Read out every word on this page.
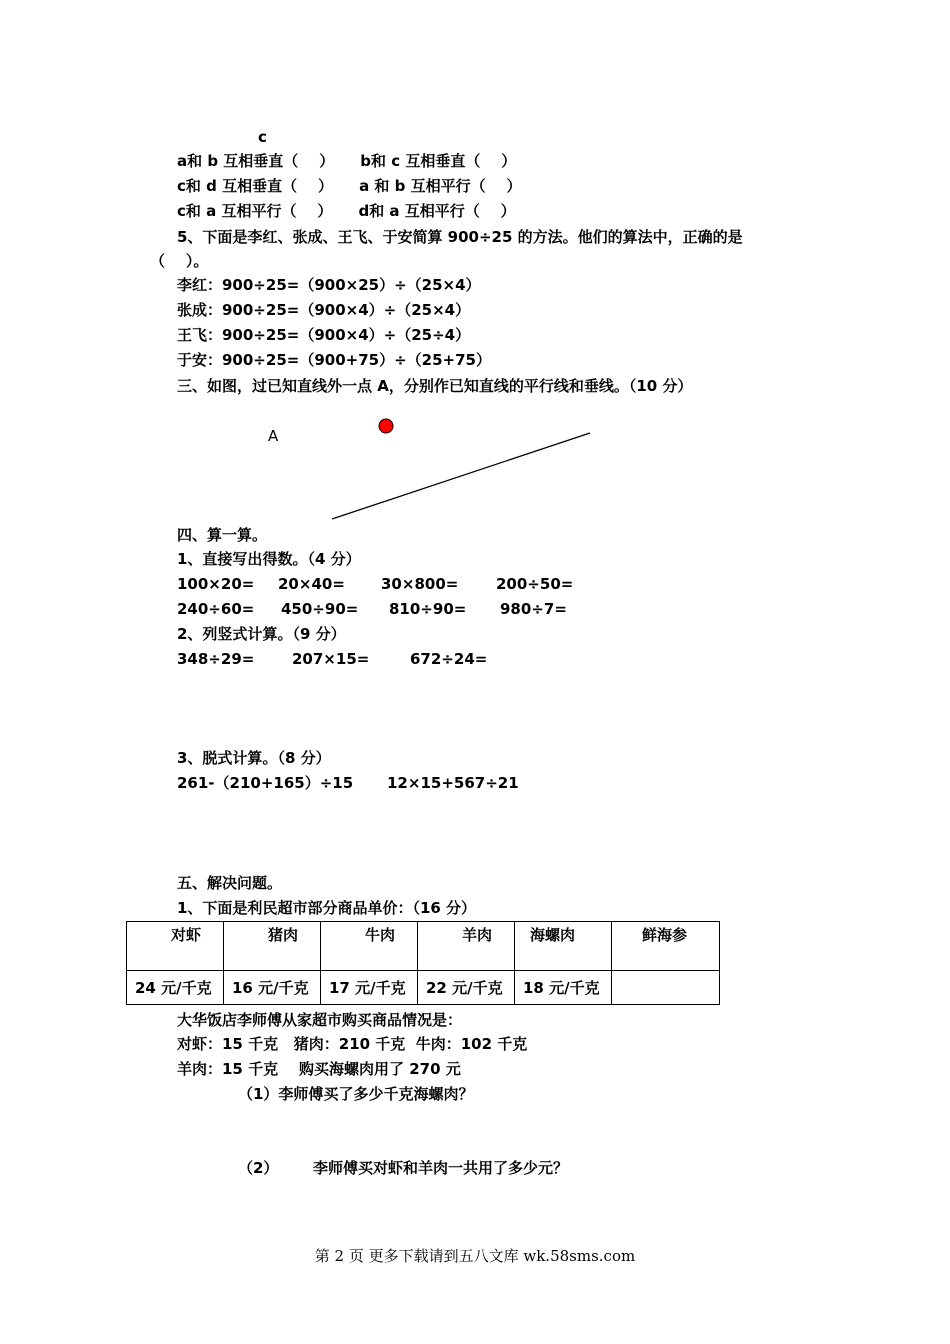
c
a和 b 互相垂直（    ）     b和 c 互相垂直（    ）
c和 d 互相垂直（    ）     a 和 b 互相平行（    ）
c和 a 互相平行（    ）     d和 a 互相平行（    ）
5、下面是李红、张成、王飞、于安简算 900÷25 的方法。他们的算法中，正确的是
（    ）。
李红：900÷25=（900×25）÷（25×4）
张成：900÷25=（900×4）÷（25×4）
王飞：900÷25=（900×4）÷（25÷4）
于安：900÷25=（900+75）÷（25+75）
三、如图，过已知直线外一点 A，分别作已知直线的平行线和垂线。（10 分）
A
四、算一算。
1、直接写出得数。（4 分）
100×20= 20×40= 30×800=	200÷50=
240÷60= 450÷90= 810÷90= 980÷7=
2、列竖式计算。（9 分）
348÷29=	207×15=	672÷24=
3、脱式计算。（8 分）
261-（210+165）÷15 12×15+567÷21
五、解决问题。
1、下面是利民超市部分商品单价：（16 分）
对虾	猪肉	牛肉	羊肉	海螺肉	鲜海参

24 元/千克	16 元/千克	17 元/千克	22 元/千克	18 元/千克	

大华饭店李师傅从家超市购买商品情况是：
对虾：15 千克   猪肉：210 千克  牛肉：102 千克
羊肉：15 千克    购买海螺肉用了 270 元
（1）李师傅买了多少千克海螺肉？
（2） 李师傅买对虾和羊肉一共用了多少元？
第 2 页 更多下载请到五八文库 wk.58sms.com
